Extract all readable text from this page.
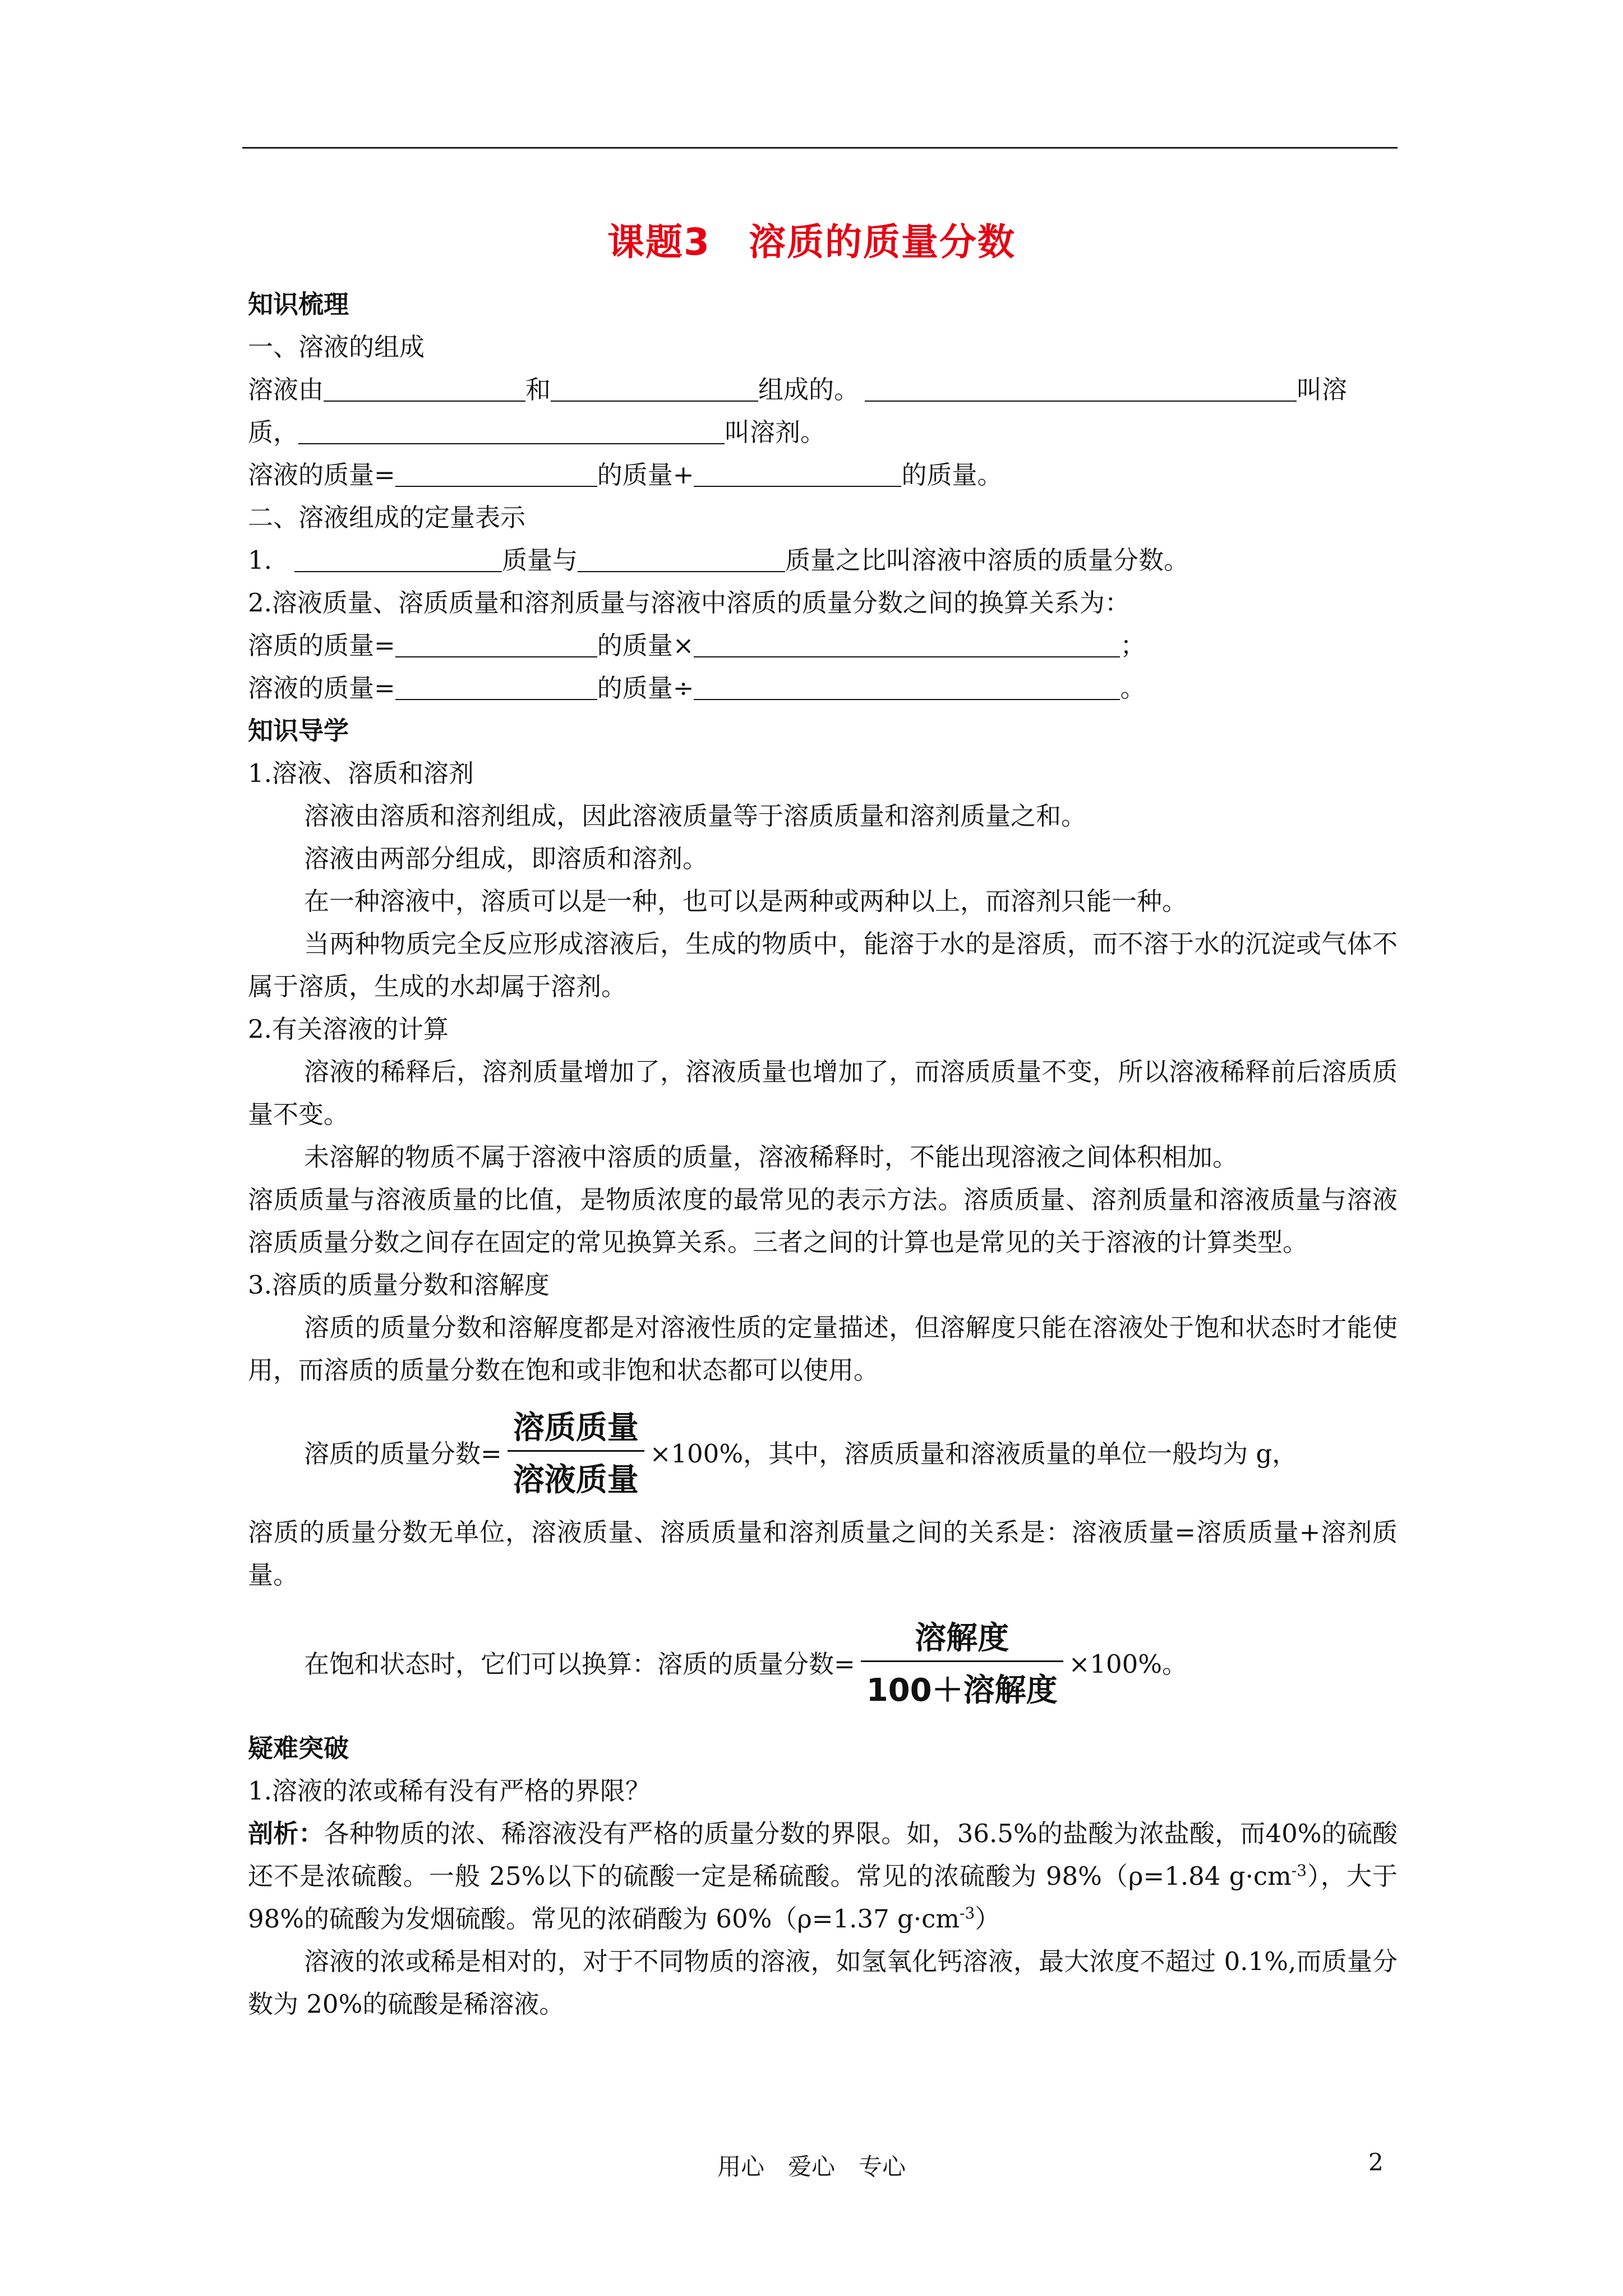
课题3　溶质的质量分数
知识梳理
一、溶液的组成
溶液由	和	组成的。	叫溶
质，	叫溶剂。
溶液的质量=	的质量+	的质量。
二、溶液组成的定量表示
1.	质量与	质量之比叫溶液中溶质的质量分数。
2.溶液质量、溶质质量和溶剂质量与溶液中溶质的质量分数之间的换算关系为：
溶质的质量=	的质量×	；
溶液的质量=	的质量÷	。
知识导学
1.溶液、溶质和溶剂
溶液由溶质和溶剂组成，因此溶液质量等于溶质质量和溶剂质量之和。
溶液由两部分组成，即溶质和溶剂。
在一种溶液中，溶质可以是一种，也可以是两种或两种以上，而溶剂只能一种。
当两种物质完全反应形成溶液后，生成的物质中，能溶于水的是溶质，而不溶于水的沉淀或气体不属于溶质，生成的水却属于溶剂。
2.有关溶液的计算
溶液的稀释后，溶剂质量增加了，溶液质量也增加了，而溶质质量不变，所以溶液稀释前后溶质质量不变。
未溶解的物质不属于溶液中溶质的质量，溶液稀释时，不能出现溶液之间体积相加。
溶质质量与溶液质量的比值，是物质浓度的最常见的表示方法。溶质质量、溶剂质量和溶液质量与溶液溶质质量分数之间存在固定的常见换算关系。三者之间的计算也是常见的关于溶液的计算类型。
3.溶质的质量分数和溶解度
溶质的质量分数和溶解度都是对溶液性质的定量描述，但溶解度只能在溶液处于饱和状态时才能使用，而溶质的质量分数在饱和或非饱和状态都可以使用。
溶质的质量分数= $\frac{\text{溶质质量}}{\text{溶液质量}} \times 100\%$，其中，溶质质量和溶液质量的单位一般均为 g，
溶质的质量分数无单位，溶液质量、溶质质量和溶剂质量之间的关系是：溶液质量=溶质质量+溶剂质量。
在饱和状态时，它们可以换算：溶质的质量分数= $\frac{\text{溶解度}}{\text{100＋溶解度}} \times 100\%$。
疑难突破
1.溶液的浓或稀有没有严格的界限？
剖析：各种物质的浓、稀溶液没有严格的质量分数的界限。如，36.5%的盐酸为浓盐酸，而40%的硫酸还不是浓硫酸。一般 25%以下的硫酸一定是稀硫酸。常见的浓硫酸为 98%（ρ=1.84 $g\cdot cm^{-3}$），大于 98%的硫酸为发烟硫酸。常见的浓硝酸为 60%（ρ=1.37 $g\cdot cm^{-3}$）
溶液的浓或稀是相对的，对于不同物质的溶液，如氢氧化钙溶液，最大浓度不超过 0.1%,而质量分数为 20%的硫酸是稀溶液。
用心　爱心　专心	2
